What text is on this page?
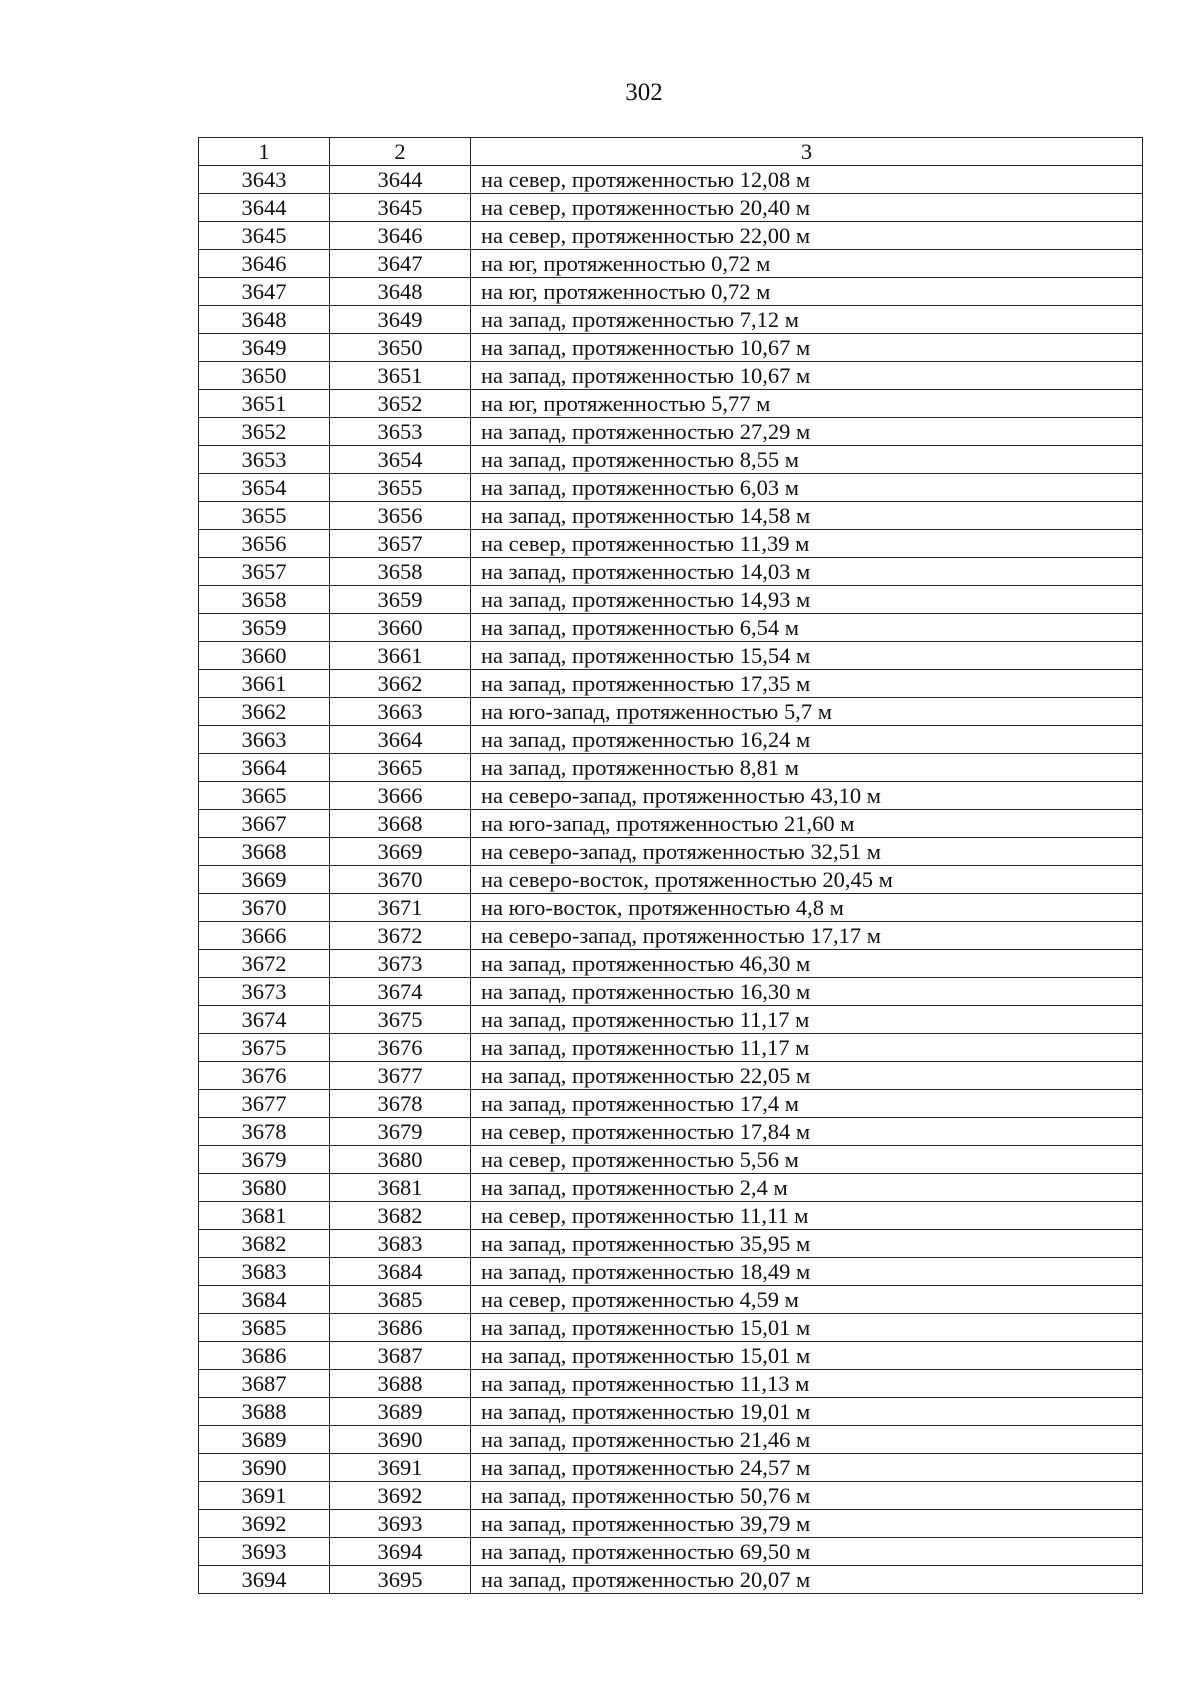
302
1	2	3
3643	3644	на север, протяженностью 12,08 м
3644	3645	на север, протяженностью 20,40 м
3645	3646	на север, протяженностью 22,00 м
3646	3647	на юг, протяженностью 0,72 м
3647	3648	на юг, протяженностью 0,72 м
3648	3649	на запад, протяженностью 7,12 м
3649	3650	на запад, протяженностью 10,67 м
3650	3651	на запад, протяженностью 10,67 м
3651	3652	на юг, протяженностью 5,77 м
3652	3653	на запад, протяженностью 27,29 м
3653	3654	на запад, протяженностью 8,55 м
3654	3655	на запад, протяженностью 6,03 м
3655	3656	на запад, протяженностью 14,58 м
3656	3657	на север, протяженностью 11,39 м
3657	3658	на запад, протяженностью 14,03 м
3658	3659	на запад, протяженностью 14,93 м
3659	3660	на запад, протяженностью 6,54 м
3660	3661	на запад, протяженностью 15,54 м
3661	3662	на запад, протяженностью 17,35 м
3662	3663	на юго-запад, протяженностью 5,7 м
3663	3664	на запад, протяженностью 16,24 м
3664	3665	на запад, протяженностью 8,81 м
3665	3666	на северо-запад, протяженностью 43,10 м
3667	3668	на юго-запад, протяженностью 21,60 м
3668	3669	на северо-запад, протяженностью 32,51 м
3669	3670	на северо-восток, протяженностью 20,45 м
3670	3671	на юго-восток, протяженностью 4,8 м
3666	3672	на северо-запад, протяженностью 17,17 м
3672	3673	на запад, протяженностью 46,30 м
3673	3674	на запад, протяженностью 16,30 м
3674	3675	на запад, протяженностью 11,17 м
3675	3676	на запад, протяженностью 11,17 м
3676	3677	на запад, протяженностью 22,05 м
3677	3678	на запад, протяженностью 17,4 м
3678	3679	на север, протяженностью 17,84 м
3679	3680	на север, протяженностью 5,56 м
3680	3681	на запад, протяженностью 2,4 м
3681	3682	на север, протяженностью 11,11 м
3682	3683	на запад, протяженностью 35,95 м
3683	3684	на запад, протяженностью 18,49 м
3684	3685	на север, протяженностью 4,59 м
3685	3686	на запад, протяженностью 15,01 м
3686	3687	на запад, протяженностью 15,01 м
3687	3688	на запад, протяженностью 11,13 м
3688	3689	на запад, протяженностью 19,01 м
3689	3690	на запад, протяженностью 21,46 м
3690	3691	на запад, протяженностью 24,57 м
3691	3692	на запад, протяженностью 50,76 м
3692	3693	на запад, протяженностью 39,79 м
3693	3694	на запад, протяженностью 69,50 м
3694	3695	на запад, протяженностью 20,07 м
